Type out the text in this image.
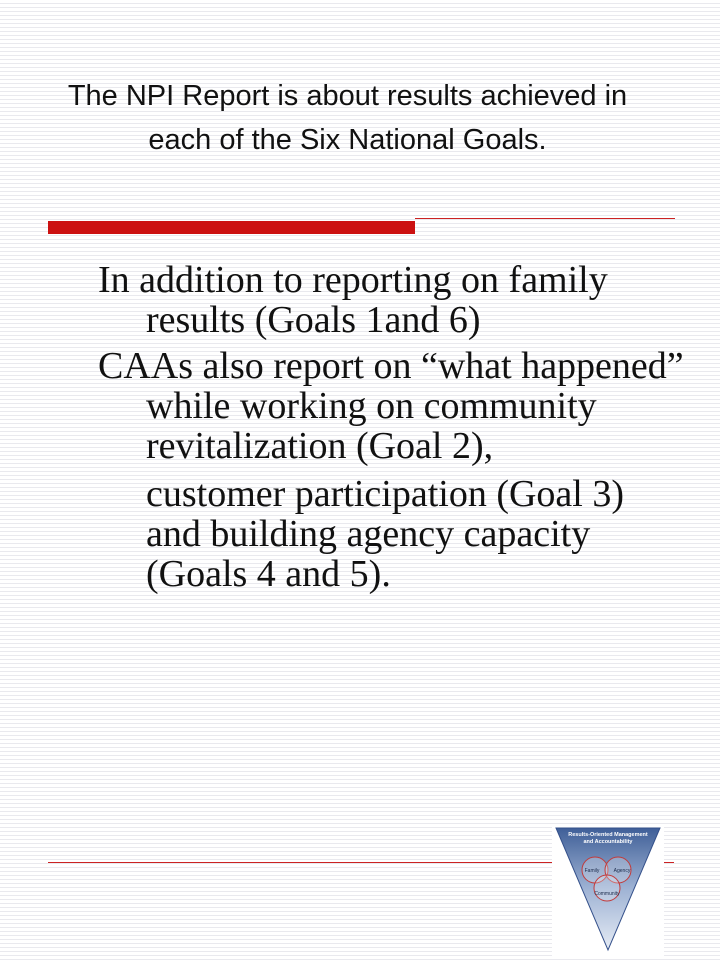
The NPI Report is about results achieved in each of the Six National Goals.

In addition to reporting on family results (Goals 1and 6)

CAAs also report on “what happened” while working on community revitalization (Goal 2),

customer participation (Goal 3) and building agency capacity (Goals 4 and 5).

Results-Oriented Management
and Accountability
Family	Agency
Community
